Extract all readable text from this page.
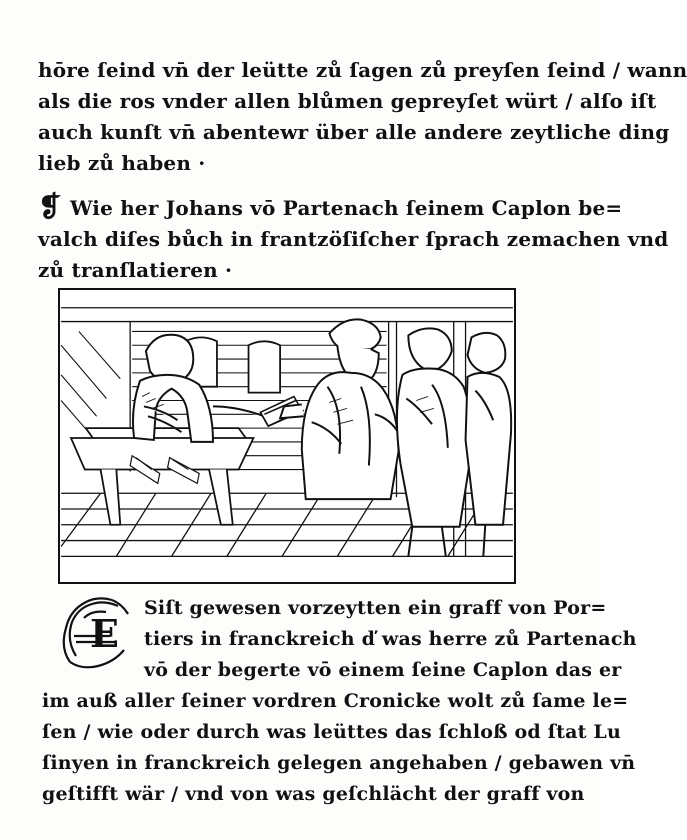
hōre ſeind vn̄ der leütte zů ſagen zů preyſen ſeind / wann
als die ros vnder allen blůmen gepreyſet würt / alſo iſt
auch kunſt vn̄ abentewr über alle andere zeytliche ding
lieb zů haben ·
❡ Wie her Johans vō Partenach ſeinem Caplon be=
valch diſes bůch in frantzöſiſcher ſprach zemachen vnd
zů tranſlatieren ·
E
Siſt gewesen vorzeytten ein graff von Por=
tiers in franckreich ď was herre zů Partenach
vō der begerte vō einem ſeine Caplon das er
im auß aller ſeiner vordren Cronicke wolt zů ſame le=
ſen / wie oder durch was leüttes das ſchloß od ſtat Lu
ſinyen in franckreich gelegen angehaben / gebawen vn̄
geſtifft wär / vnd von was geſchlächt der graff von
